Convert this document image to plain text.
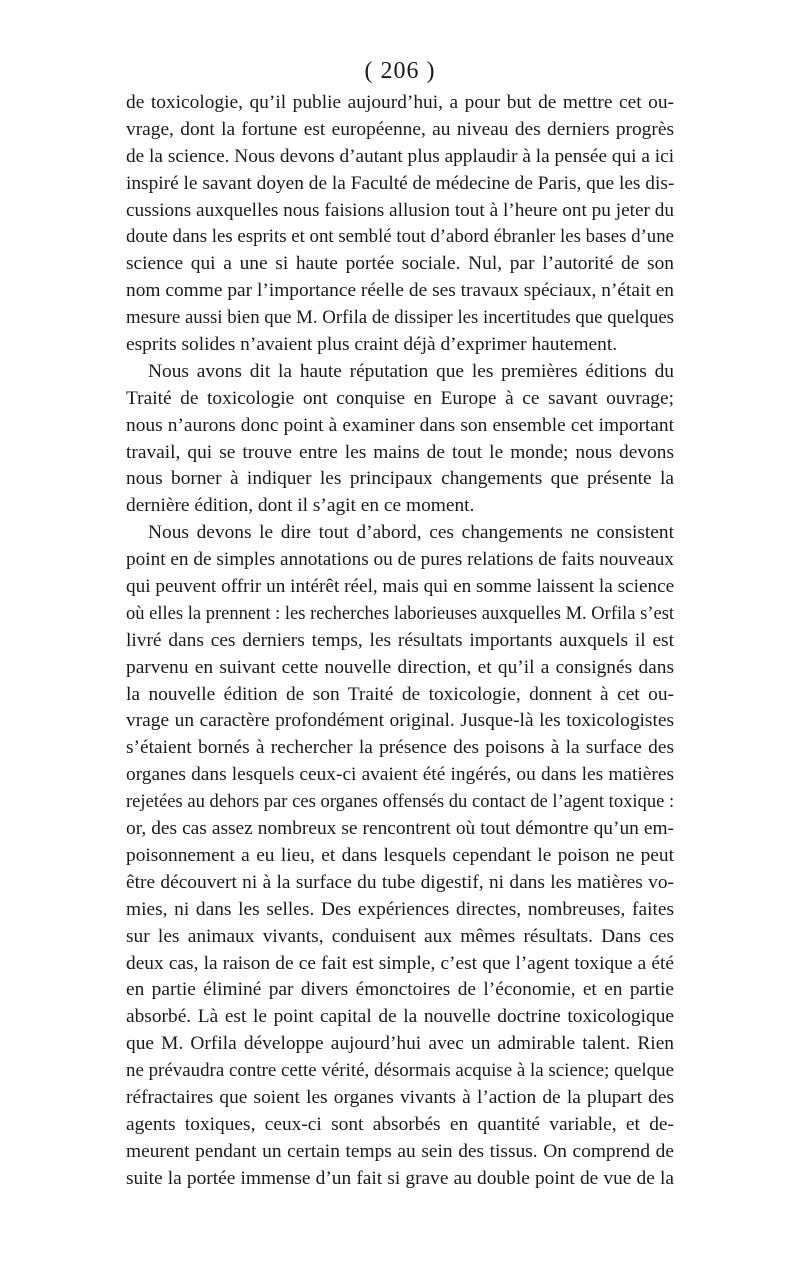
( 206 )
de toxicologie, qu’il publie aujourd’hui, a pour but de mettre cet ou-
vrage, dont la fortune est européenne, au niveau des derniers progrès
de la science. Nous devons d’autant plus applaudir à la pensée qui a ici
inspiré le savant doyen de la Faculté de médecine de Paris, que les dis-
cussions auxquelles nous faisions allusion tout à l’heure ont pu jeter du
doute dans les esprits et ont semblé tout d’abord ébranler les bases d’une
science qui a une si haute portée sociale. Nul, par l’autorité de son
nom comme par l’importance réelle de ses travaux spéciaux, n’était en
mesure aussi bien que M. Orfila de dissiper les incertitudes que quelques
esprits solides n’avaient plus craint déjà d’exprimer hautement.
Nous avons dit la haute réputation que les premières éditions du
Traité de toxicologie ont conquise en Europe à ce savant ouvrage;
nous n’aurons donc point à examiner dans son ensemble cet important
travail, qui se trouve entre les mains de tout le monde; nous devons
nous borner à indiquer les principaux changements que présente la
dernière édition, dont il s’agit en ce moment.
Nous devons le dire tout d’abord, ces changements ne consistent
point en de simples annotations ou de pures relations de faits nouveaux
qui peuvent offrir un intérêt réel, mais qui en somme laissent la science
où elles la prennent : les recherches laborieuses auxquelles M. Orfila s’est
livré dans ces derniers temps, les résultats importants auxquels il est
parvenu en suivant cette nouvelle direction, et qu’il a consignés dans
la nouvelle édition de son Traité de toxicologie, donnent à cet ou-
vrage un caractère profondément original. Jusque-là les toxicologistes
s’étaient bornés à rechercher la présence des poisons à la surface des
organes dans lesquels ceux-ci avaient été ingérés, ou dans les matières
rejetées au dehors par ces organes offensés du contact de l’agent toxique :
or, des cas assez nombreux se rencontrent où tout démontre qu’un em-
poisonnement a eu lieu, et dans lesquels cependant le poison ne peut
être découvert ni à la surface du tube digestif, ni dans les matières vo-
mies, ni dans les selles. Des expériences directes, nombreuses, faites
sur les animaux vivants, conduisent aux mêmes résultats. Dans ces
deux cas, la raison de ce fait est simple, c’est que l’agent toxique a été
en partie éliminé par divers émonctoires de l’économie, et en partie
absorbé. Là est le point capital de la nouvelle doctrine toxicologique
que M. Orfila développe aujourd’hui avec un admirable talent. Rien
ne prévaudra contre cette vérité, désormais acquise à la science; quelque
réfractaires que soient les organes vivants à l’action de la plupart des
agents toxiques, ceux-ci sont absorbés en quantité variable, et de-
meurent pendant un certain temps au sein des tissus. On comprend de
suite la portée immense d’un fait si grave au double point de vue de la
